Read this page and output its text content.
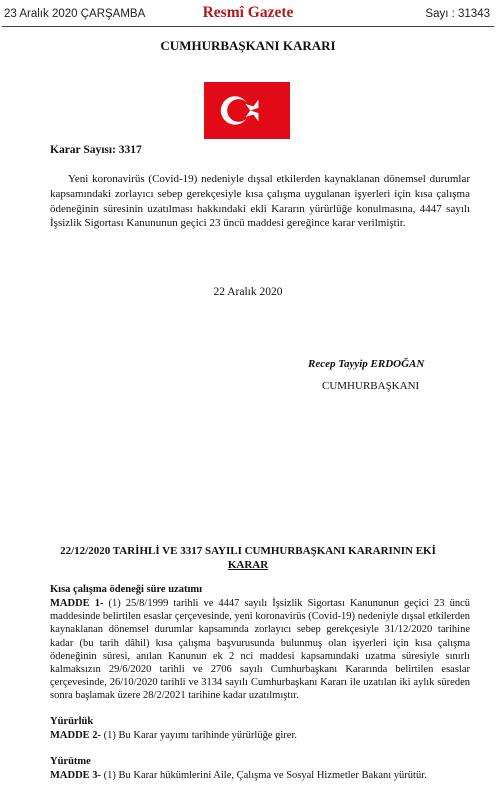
23 Aralık 2020 ÇARŞAMBA	Resmî Gazete	Sayı : 31343
CUMHURBAŞKANI KARARI
Karar Sayısı: 3317
Yeni koronavirüs (Covid-19) nedeniyle dışsal etkilerden kaynaklanan dönemsel durumlar kapsamındaki zorlayıcı sebep gerekçesiyle kısa çalışma uygulanan işyerleri için kısa çalışma ödeneğinin süresinin uzatılması hakkındaki ekli Kararın yürürlüğe konulmasına, 4447 sayılı İşsizlik Sigortası Kanununun geçici 23 üncü maddesi gereğince karar verilmiştir.
22 Aralık 2020
Recep Tayyip ERDOĞAN
CUMHURBAŞKANI
22/12/2020 TARİHLİ VE 3317 SAYILI CUMHURBAŞKANI KARARININ EKİ
KARAR
Kısa çalışma ödeneği süre uzatımı
MADDE 1- (1) 25/8/1999 tarihli ve 4447 sayılı İşsizlik Sigortası Kanununun geçici 23 üncü maddesinde belirtilen esaslar çerçevesinde, yeni koronavirüs (Covid-19) nedeniyle dışsal etkilerden kaynaklanan dönemsel durumlar kapsamında zorlayıcı sebep gerekçesiyle 31/12/2020 tarihine kadar (bu tarih dâhil) kısa çalışma başvurusunda bulunmuş olan işyerleri için kısa çalışma ödeneğinin süresi, anılan Kanunun ek 2 nci maddesi kapsamındaki uzatma süresiyle sınırlı kalmaksızın 29/6/2020 tarihli ve 2706 sayılı Cumhurbaşkanı Kararında belirtilen esaslar çerçevesinde, 26/10/2020 tarihli ve 3134 sayılı Cumhurbaşkanı Kararı ile uzatılan iki aylık süreden sonra başlamak üzere 28/2/2021 tarihine kadar uzatılmıştır.
Yürürlük
MADDE 2- (1) Bu Karar yayımı tarihinde yürürlüğe girer.
Yürütme
MADDE 3- (1) Bu Karar hükümlerini Aile, Çalışma ve Sosyal Hizmetler Bakanı yürütür.
